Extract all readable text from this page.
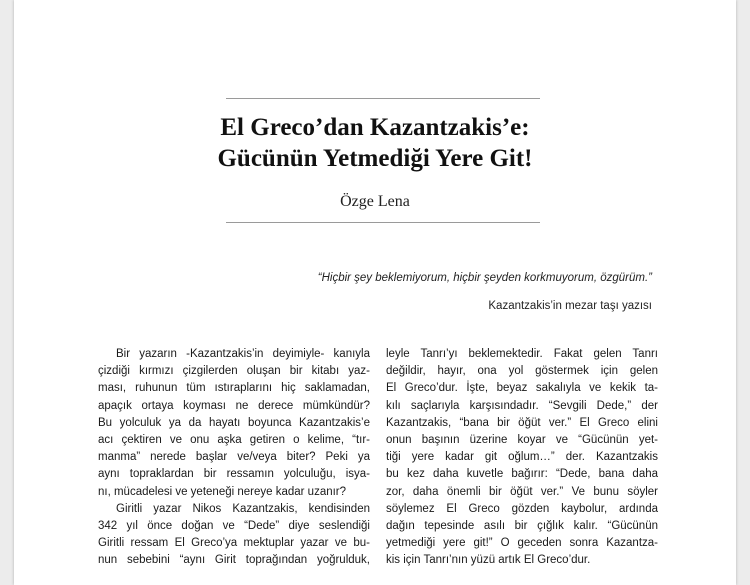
El Greco’dan Kazantzakis’e:
Gücünün Yetmediği Yere Git!
Özge Lena
“Hiçbir şey beklemiyorum, hiçbir şeyden korkmuyorum, özgürüm.”
Kazantzakis’in mezar taşı yazısı
Bir yazarın -Kazantzakis’in deyimiyle- kanıyla
çizdiği kırmızı çizgilerden oluşan bir kitabı yaz-
ması, ruhunun tüm ıstıraplarını hiç saklamadan,
apaçık ortaya koyması ne derece mümkündür?
Bu yolculuk ya da hayatı boyunca Kazantzakis’e
acı çektiren ve onu aşka getiren o kelime, “tır-
manma” nerede başlar ve/veya biter? Peki ya
aynı topraklardan bir ressamın yolculuğu, isya-
nı, mücadelesi ve yeteneği nereye kadar uzanır?
Giritli yazar Nikos Kazantzakis, kendisinden
342 yıl önce doğan ve “Dede” diye seslendiği
Giritli ressam El Greco’ya mektuplar yazar ve bu-
nun sebebini “aynı Girit toprağından yoğrulduk,
leyle Tanrı’yı beklemektedir. Fakat gelen Tanrı
değildir, hayır, ona yol göstermek için gelen
El Greco’dur. İşte, beyaz sakalıyla ve kekik ta-
kılı saçlarıyla karşısındadır. “Sevgili Dede,” der
Kazantzakis, “bana bir öğüt ver.” El Greco elini
onun başının üzerine koyar ve “Gücünün yet-
tiği yere kadar git oğlum…” der. Kazantzakis
bu kez daha kuvetle bağırır: “Dede, bana daha
zor, daha önemli bir öğüt ver.” Ve bunu söyler
söylemez El Greco gözden kaybolur, ardında
dağın tepesinde asılı bir çığlık kalır. “Gücünün
yetmediği yere git!” O geceden sonra Kazantza-
kis için Tanrı’nın yüzü artık El Greco’dur.
